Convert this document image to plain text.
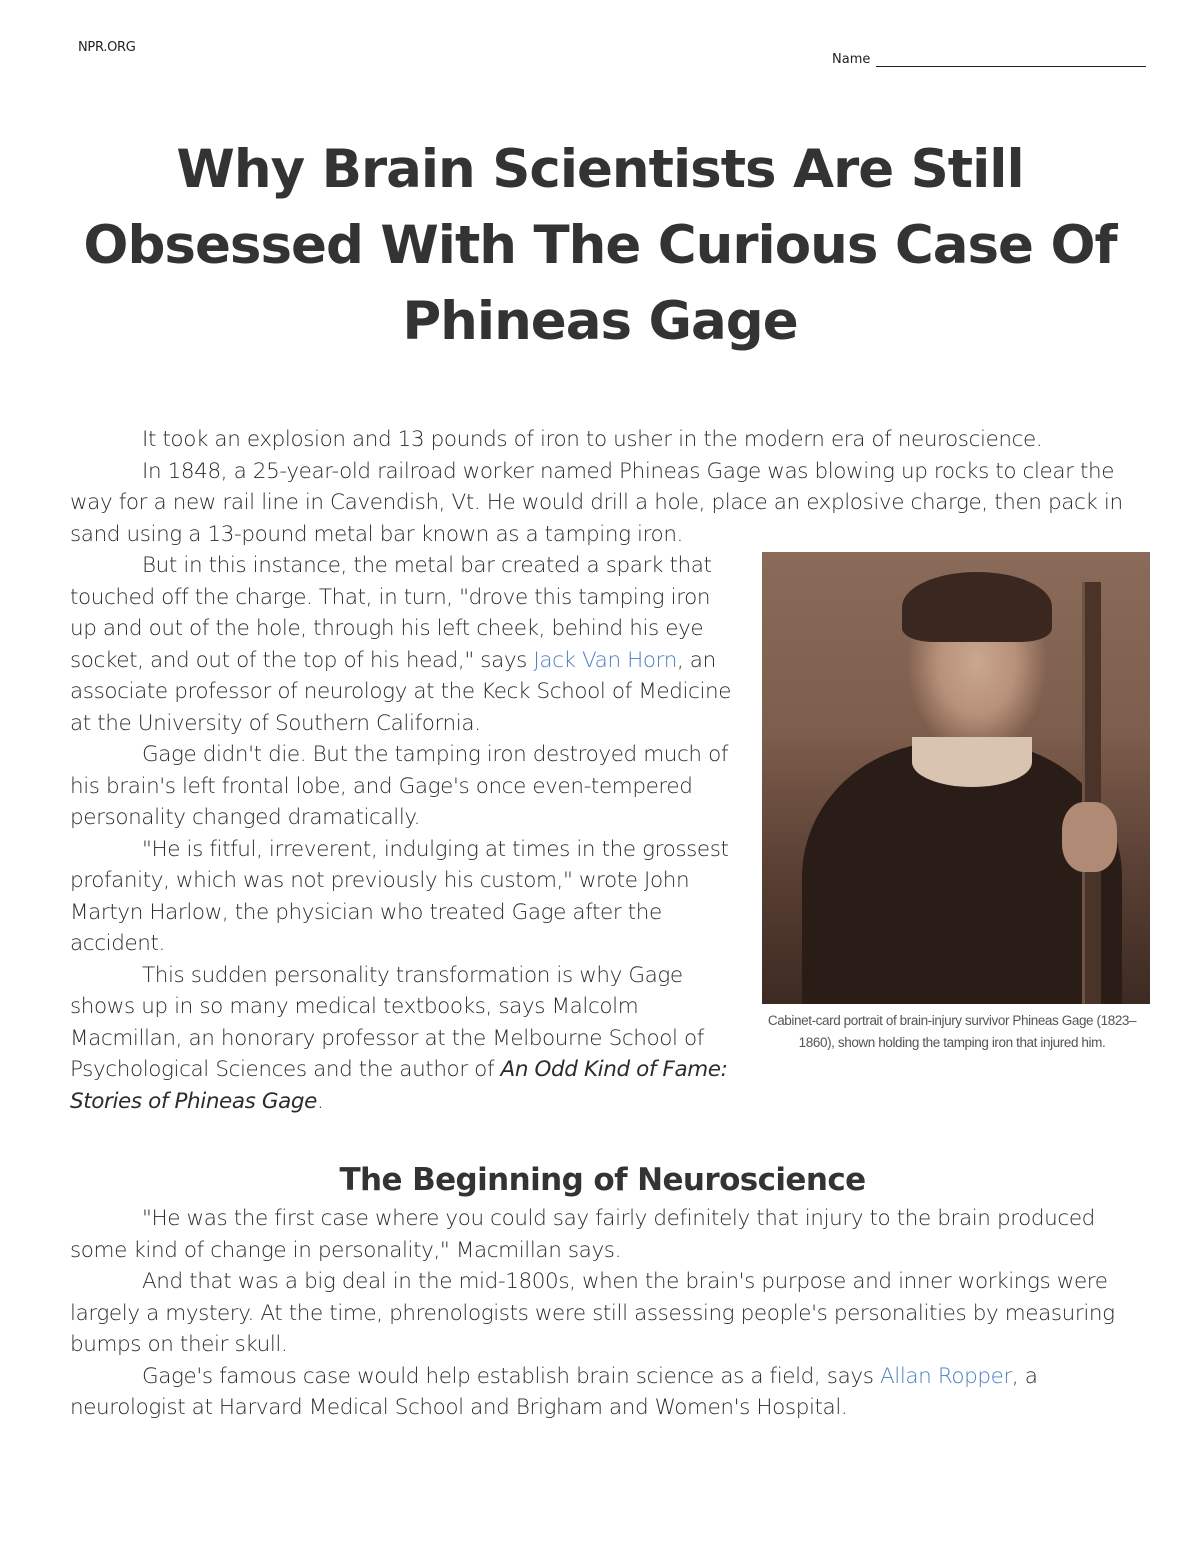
NPR.ORG
Name
Why Brain Scientists Are Still Obsessed With The Curious Case Of Phineas Gage

It took an explosion and 13 pounds of iron to usher in the modern era of neuroscience.

In 1848, a 25-year-old railroad worker named Phineas Gage was blowing up rocks to clear the way for a new rail line in Cavendish, Vt. He would drill a hole, place an explosive charge, then pack in sand using a 13-pound metal bar known as a tamping iron.

Cabinet-card portrait of brain-injury survivor Phineas Gage (1823–1860), shown holding the tamping iron that injured him.

But in this instance, the metal bar created a spark that touched off the charge. That, in turn, "drove this tamping iron up and out of the hole, through his left cheek, behind his eye socket, and out of the top of his head," says Jack Van Horn, an associate professor of neurology at the Keck School of Medicine at the University of Southern California.

Gage didn't die. But the tamping iron destroyed much of his brain's left frontal lobe, and Gage's once even-tempered personality changed dramatically.

"He is fitful, irreverent, indulging at times in the grossest profanity, which was not previously his custom," wrote John Martyn Harlow, the physician who treated Gage after the accident.

This sudden personality transformation is why Gage shows up in so many medical textbooks, says Malcolm Macmillan, an honorary professor at the Melbourne School of Psychological Sciences and the author of An Odd Kind of Fame: Stories of Phineas Gage.

The Beginning of Neuroscience

"He was the first case where you could say fairly definitely that injury to the brain produced some kind of change in personality," Macmillan says.

And that was a big deal in the mid-1800s, when the brain's purpose and inner workings were largely a mystery. At the time, phrenologists were still assessing people's personalities by measuring bumps on their skull.

Gage's famous case would help establish brain science as a field, says Allan Ropper, a neurologist at Harvard Medical School and Brigham and Women's Hospital.
